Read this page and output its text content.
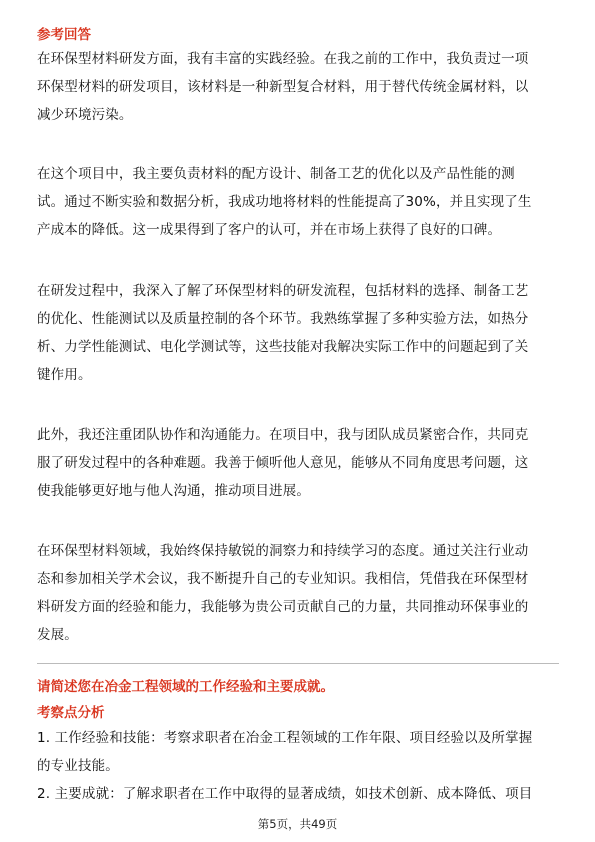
参考回答
在环保型材料研发方面，我有丰富的实践经验。在我之前的工作中，我负责过一项
环保型材料的研发项目，该材料是一种新型复合材料，用于替代传统金属材料，以
减少环境污染。
在这个项目中，我主要负责材料的配方设计、制备工艺的优化以及产品性能的测
试。通过不断实验和数据分析，我成功地将材料的性能提高了30%，并且实现了生
产成本的降低。这一成果得到了客户的认可，并在市场上获得了良好的口碑。
在研发过程中，我深入了解了环保型材料的研发流程，包括材料的选择、制备工艺
的优化、性能测试以及质量控制的各个环节。我熟练掌握了多种实验方法，如热分
析、力学性能测试、电化学测试等，这些技能对我解决实际工作中的问题起到了关
键作用。
此外，我还注重团队协作和沟通能力。在项目中，我与团队成员紧密合作，共同克
服了研发过程中的各种难题。我善于倾听他人意见，能够从不同角度思考问题，这
使我能够更好地与他人沟通，推动项目进展。
在环保型材料领域，我始终保持敏锐的洞察力和持续学习的态度。通过关注行业动
态和参加相关学术会议，我不断提升自己的专业知识。我相信，凭借我在环保型材
料研发方面的经验和能力，我能够为贵公司贡献自己的力量，共同推动环保事业的
发展。
请简述您在冶金工程领域的工作经验和主要成就。
考察点分析
1. 工作经验和技能：考察求职者在冶金工程领域的工作年限、项目经验以及所掌握
的专业技能。
2. 主要成就：了解求职者在工作中取得的显著成绩，如技术创新、成本降低、项目
第5页，共49页
